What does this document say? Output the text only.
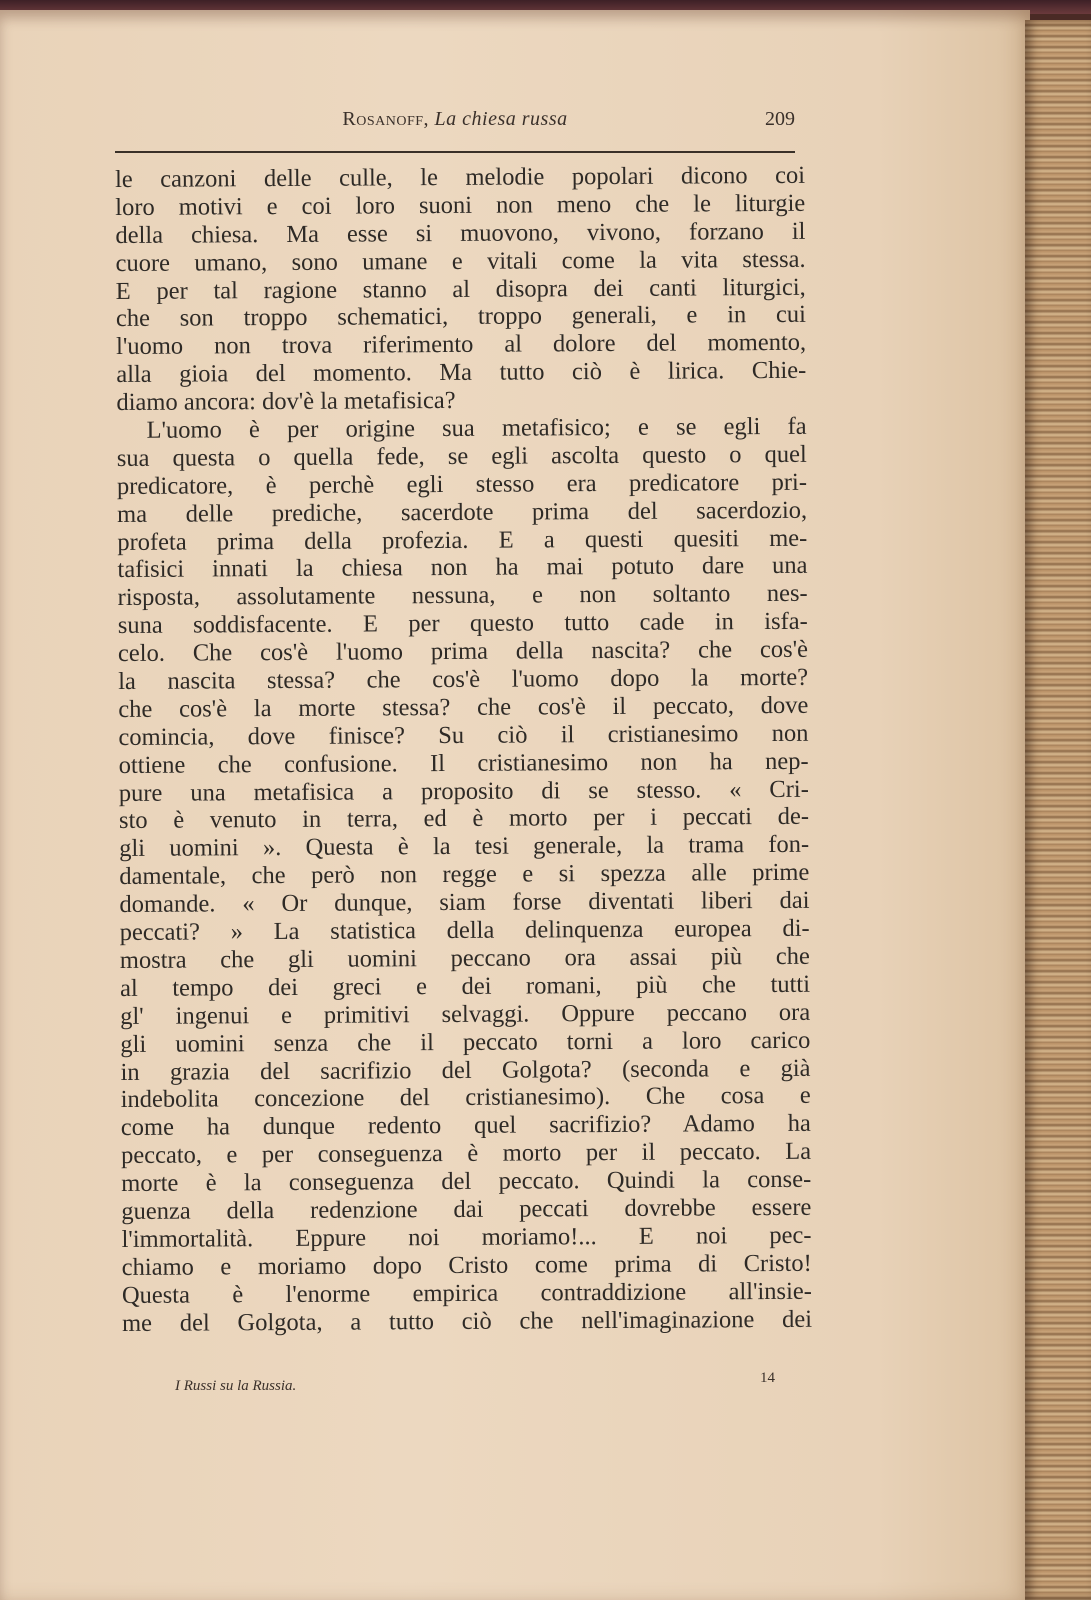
Rosanoff, La chiesa russa	209
le canzoni delle culle, le melodie popolari dicono coi
loro motivi e coi loro suoni non meno che le liturgie
della chiesa. Ma esse si muovono, vivono, forzano il
cuore umano, sono umane e vitali come la vita stessa.
E per tal ragione stanno al disopra dei canti liturgici,
che son troppo schematici, troppo generali, e in cui
l'uomo non trova riferimento al dolore del momento,
alla gioia del momento. Ma tutto ciò è lirica. Chie-
diamo ancora: dov'è la metafisica?
L'uomo è per origine sua metafisico; e se egli fa
sua questa o quella fede, se egli ascolta questo o quel
predicatore, è perchè egli stesso era predicatore pri-
ma delle prediche, sacerdote prima del sacerdozio,
profeta prima della profezia. E a questi quesiti me-
tafisici innati la chiesa non ha mai potuto dare una
risposta, assolutamente nessuna, e non soltanto nes-
suna soddisfacente. E per questo tutto cade in isfa-
celo. Che cos'è l'uomo prima della nascita? che cos'è
la nascita stessa? che cos'è l'uomo dopo la morte?
che cos'è la morte stessa? che cos'è il peccato, dove
comincia, dove finisce? Su ciò il cristianesimo non
ottiene che confusione. Il cristianesimo non ha nep-
pure una metafisica a proposito di se stesso. « Cri-
sto è venuto in terra, ed è morto per i peccati de-
gli uomini ». Questa è la tesi generale, la trama fon-
damentale, che però non regge e si spezza alle prime
domande. « Or dunque, siam forse diventati liberi dai
peccati? » La statistica della delinquenza europea di-
mostra che gli uomini peccano ora assai più che
al tempo dei greci e dei romani, più che tutti
gl' ingenui e primitivi selvaggi. Oppure peccano ora
gli uomini senza che il peccato torni a loro carico
in grazia del sacrifizio del Golgota? (seconda e già
indebolita concezione del cristianesimo). Che cosa e
come ha dunque redento quel sacrifizio? Adamo ha
peccato, e per conseguenza è morto per il peccato. La
morte è la conseguenza del peccato. Quindi la conse-
guenza della redenzione dai peccati dovrebbe essere
l'immortalità. Eppure noi moriamo!... E noi pec-
chiamo e moriamo dopo Cristo come prima di Cristo!
Questa è l'enorme empirica contraddizione all'insie-
me del Golgota, a tutto ciò che nell'imaginazione dei
I Russi su la Russia.	14
